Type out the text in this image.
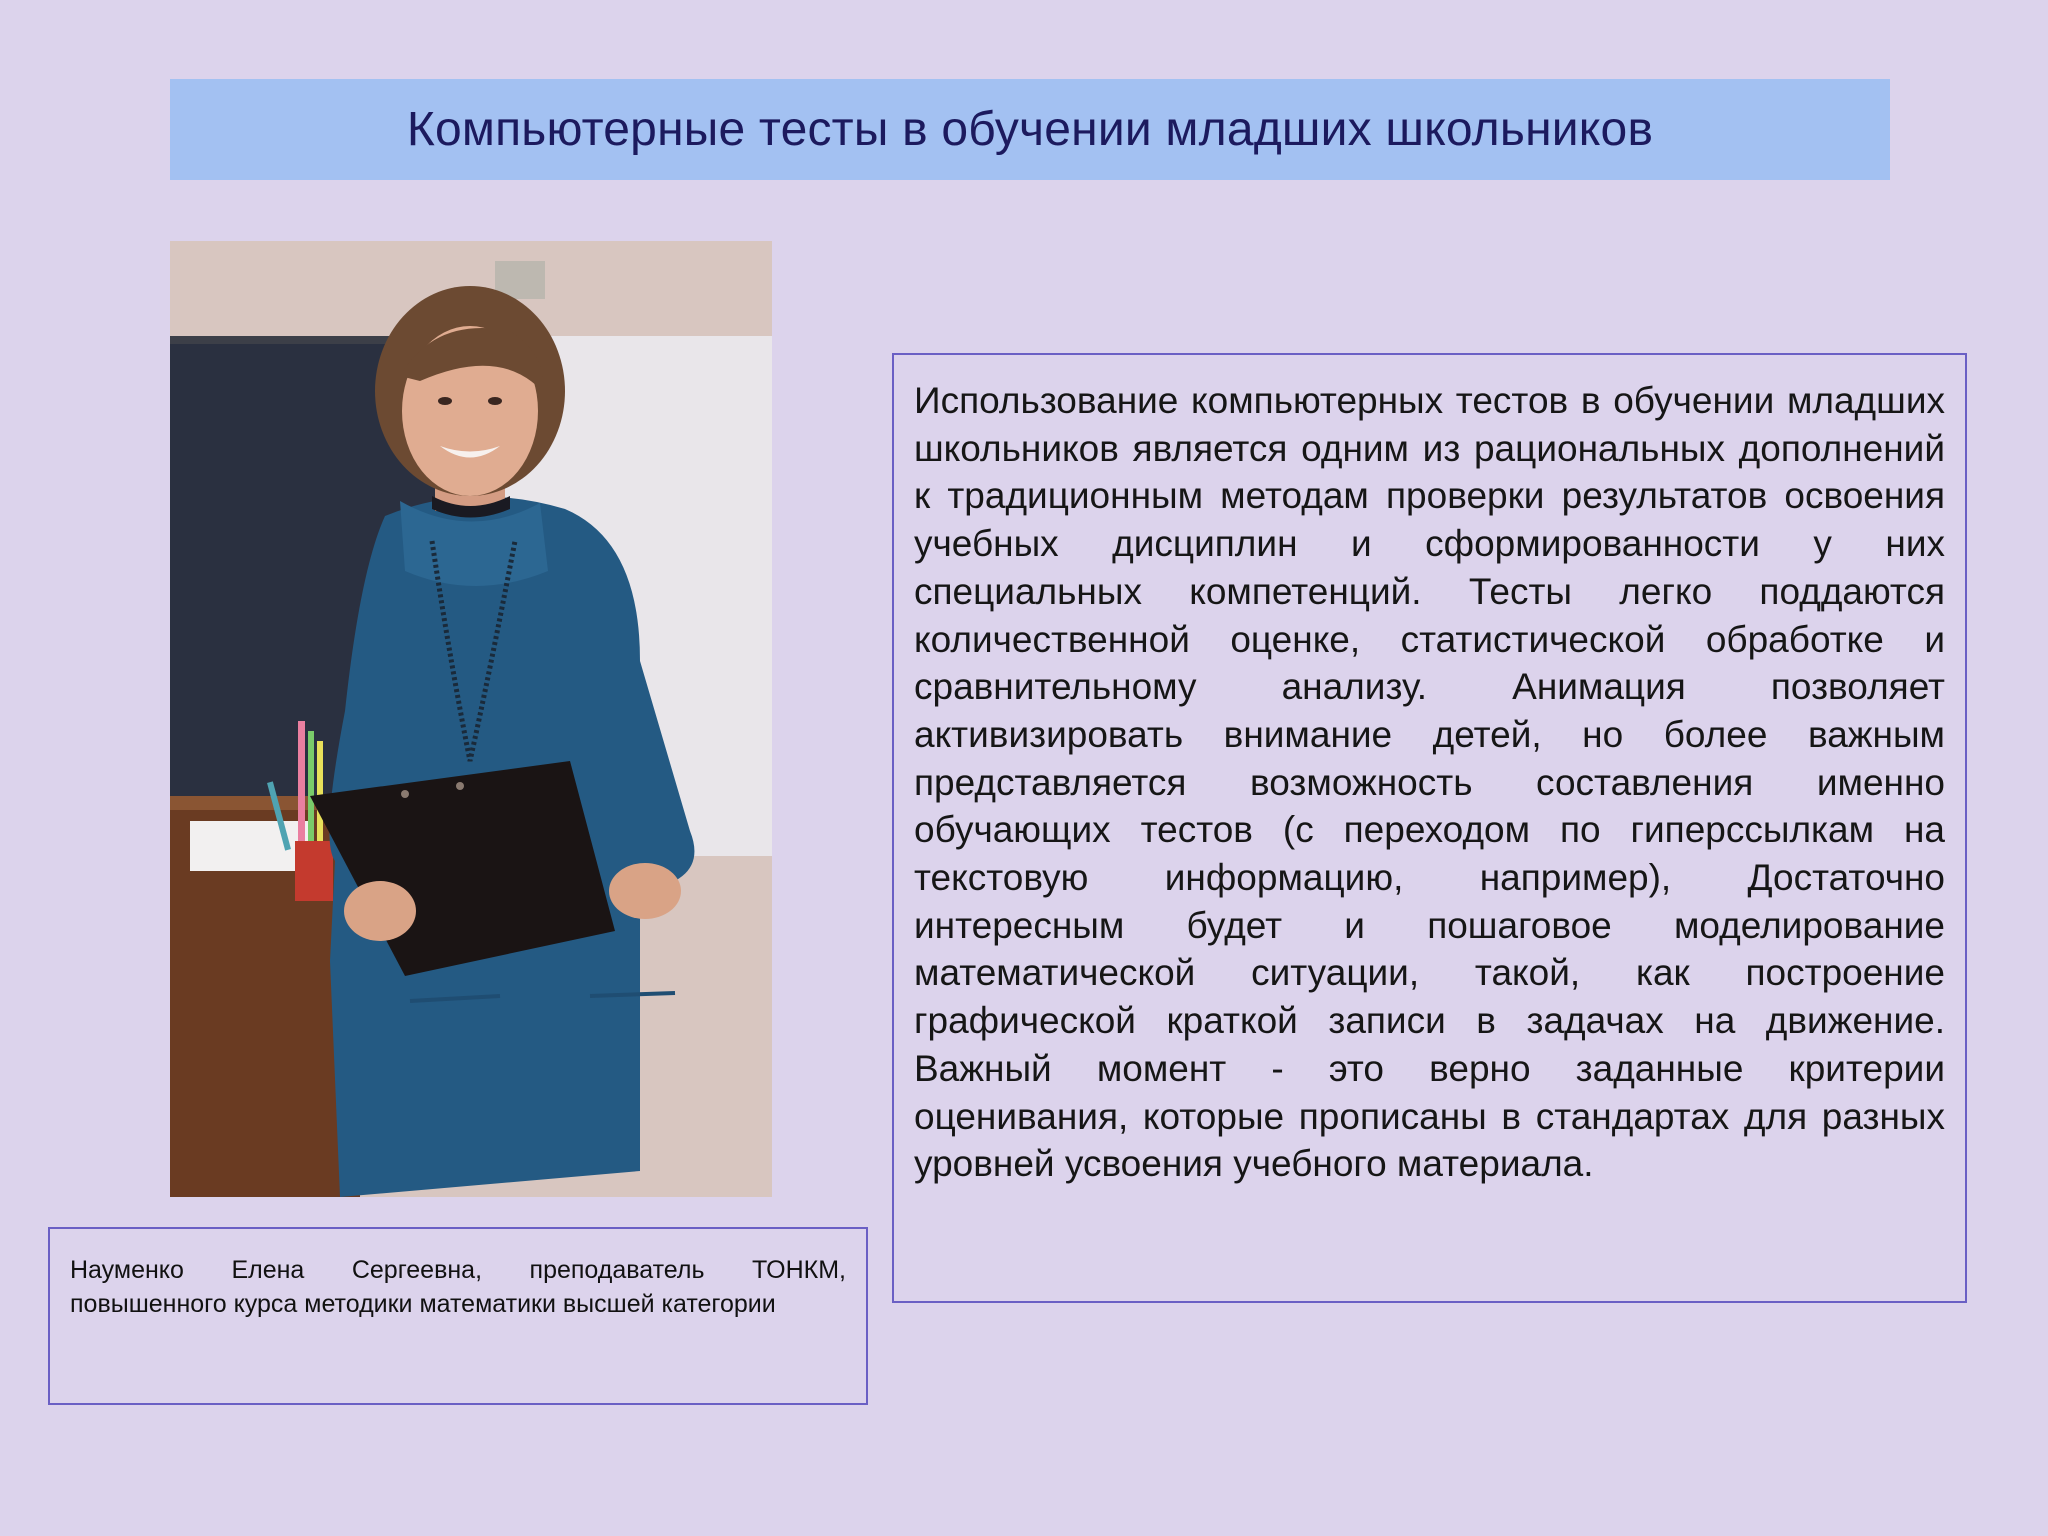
Компьютерные тесты в обучении младших школьников

Науменко Елена Сергеевна, преподаватель ТОНКМ, повышенного курса методики математики высшей категории

Использование компьютерных тестов в обучении младших школьников является одним из рациональных дополнений к традиционным методам проверки результатов освоения учебных дисциплин и сформированности у них специальных компетенций. Тесты легко поддаются количественной оценке, статистической обработке и сравнительному анализу. Анимация позволяет активизировать внимание детей, но более важным представляется возможность составления именно обучающих тестов (с переходом по гиперссылкам на текстовую информацию, например), Достаточно интересным будет и пошаговое моделирование математической ситуации, такой, как построение графической краткой записи в задачах на движение. Важный момент - это верно заданные критерии оценивания, которые прописаны в стандартах для разных уровней усвоения учебного материала.
